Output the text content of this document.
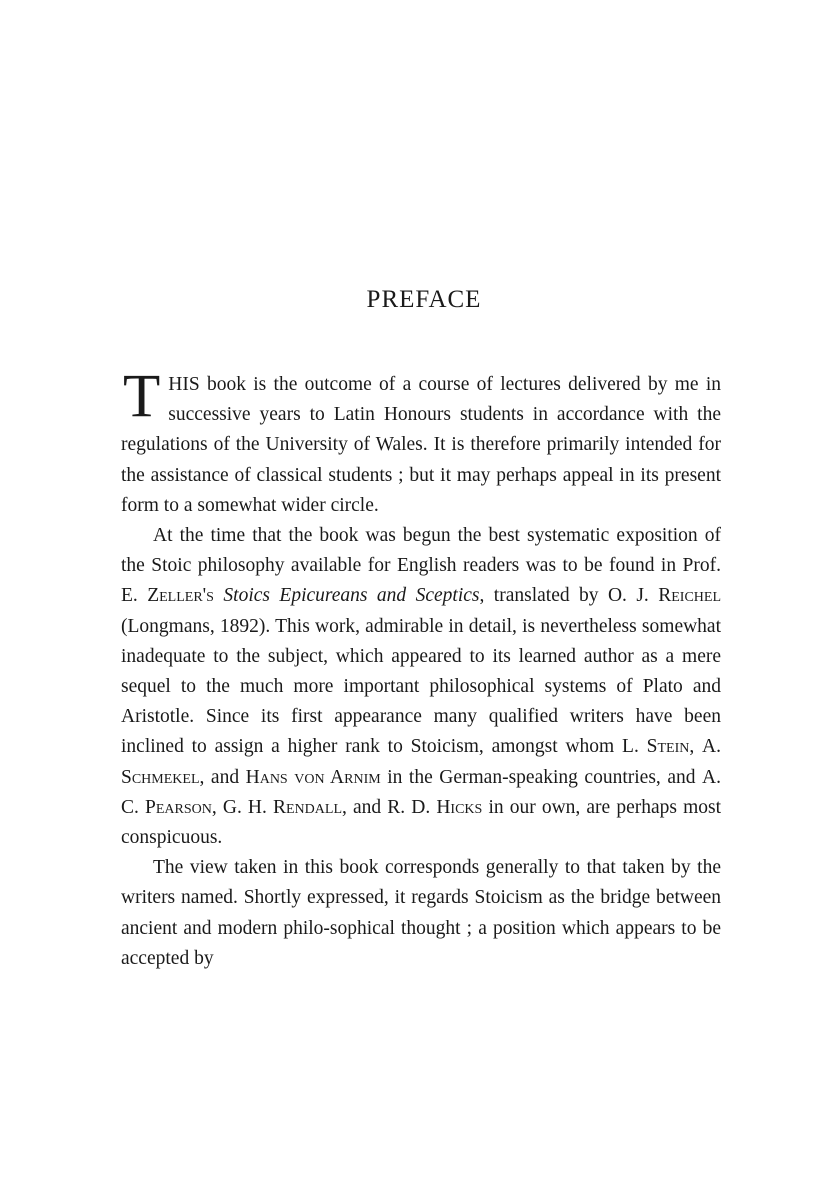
PREFACE

THIS book is the outcome of a course of lectures delivered by me in successive years to Latin Honours students in accordance with the regulations of the University of Wales. It is therefore primarily intended for the assistance of classical students ; but it may perhaps appeal in its present form to a somewhat wider circle.

At the time that the book was begun the best systematic exposition of the Stoic philosophy available for English readers was to be found in Prof. E. Zeller's Stoics Epicureans and Sceptics, translated by O. J. Reichel (Longmans, 1892). This work, admirable in detail, is nevertheless somewhat inadequate to the subject, which appeared to its learned author as a mere sequel to the much more important philosophical systems of Plato and Aristotle. Since its first appearance many qualified writers have been inclined to assign a higher rank to Stoicism, amongst whom L. Stein, A. Schmekel, and Hans von Arnim in the German-speaking countries, and A. C. Pearson, G. H. Rendall, and R. D. Hicks in our own, are perhaps most conspicuous.

The view taken in this book corresponds generally to that taken by the writers named. Shortly expressed, it regards Stoicism as the bridge between ancient and modern philo-sophical thought ; a position which appears to be accepted by
